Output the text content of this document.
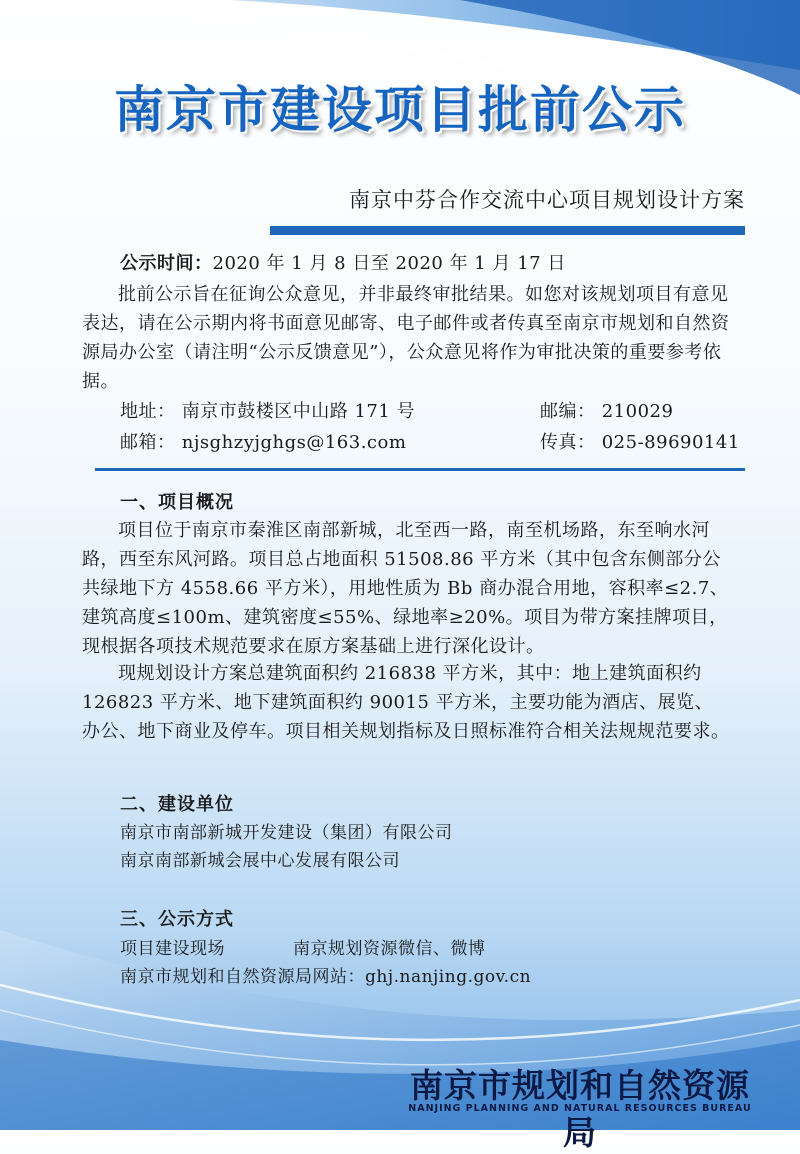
南京市建设项目批前公示
南京中芬合作交流中心项目规划设计方案
公示时间：2020 年 1 月 8 日至 2020 年 1 月 17 日

批前公示旨在征询公众意见，并非最终审批结果。如您对该规划项目有意见表达，请在公示期内将书面意见邮寄、电子邮件或者传真至南京市规划和自然资源局办公室（请注明“公示反馈意见”），公众意见将作为审批决策的重要参考依据。

地址： 南京市鼓楼区中山路 171 号	邮编： 210029
邮箱： njsghzyjghgs@163.com	传真： 025-89690141
一、项目概况

项目位于南京市秦淮区南部新城，北至西一路，南至机场路，东至响水河路，西至东风河路。项目总占地面积 51508.86 平方米（其中包含东侧部分公共绿地下方 4558.66 平方米），用地性质为 Bb 商办混合用地，容积率≤2.7、建筑高度≤100m、建筑密度≤55%、绿地率≥20%。项目为带方案挂牌项目，现根据各项技术规范要求在原方案基础上进行深化设计。

现规划设计方案总建筑面积约 216838 平方米，其中：地上建筑面积约 126823 平方米、地下建筑面积约 90015 平方米，主要功能为酒店、展览、办公、地下商业及停车。项目相关规划指标及日照标准符合相关法规规范要求。

二、建设单位
南京市南部新城开发建设（集团）有限公司
南京南部新城会展中心发展有限公司
三、公示方式
项目建设现场	南京规划资源微信、微博
南京市规划和自然资源局网站：ghj.nanjing.gov.cn
南京市规划和自然资源局
NANJING PLANNING AND NATURAL RESOURCES BUREAU
